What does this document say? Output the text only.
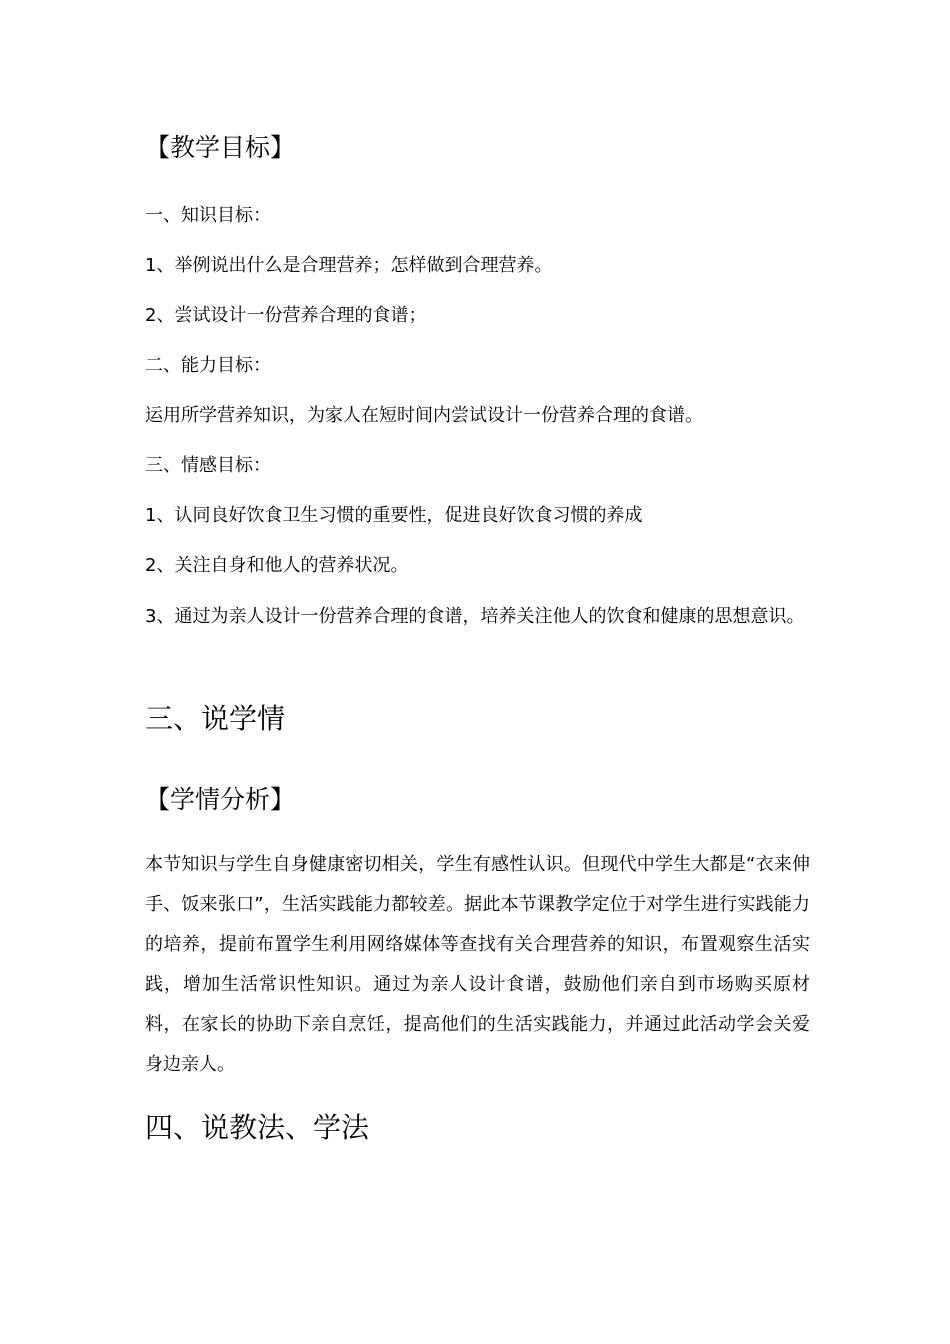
【教学目标】

一、知识目标：

1、举例说出什么是合理营养；怎样做到合理营养。

2、尝试设计一份营养合理的食谱；

二、能力目标：

运用所学营养知识，为家人在短时间内尝试设计一份营养合理的食谱。

三、情感目标：

1、认同良好饮食卫生习惯的重要性，促进良好饮食习惯的养成

2、关注自身和他人的营养状况。

3、通过为亲人设计一份营养合理的食谱，培养关注他人的饮食和健康的思想意识。

三、说学情
【学情分析】

本节知识与学生自身健康密切相关，学生有感性认识。但现代中学生大都是“衣来伸手、饭来张口”，生活实践能力都较差。据此本节课教学定位于对学生进行实践能力的培养，提前布置学生利用网络媒体等查找有关合理营养的知识，布置观察生活实践，增加生活常识性知识。通过为亲人设计食谱，鼓励他们亲自到市场购买原材料，在家长的协助下亲自烹饪，提高他们的生活实践能力，并通过此活动学会关爱身边亲人。

四、说教法、学法
